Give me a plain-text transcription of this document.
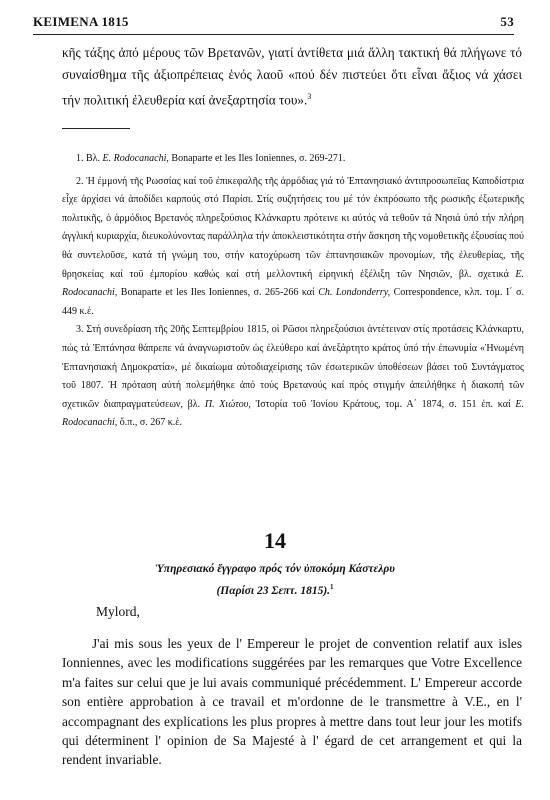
ΚΕΙΜΕΝΑ 1815	53
κῆς τάξης ἀπό μέρους τῶν Βρετανῶν, γιατί ἀντίθετα μιά ἄλλη τακτική θά πλήγωνε τό συναίσθημα τῆς ἀξιοπρέπειας ἑνός λαοῦ «πού δέν πιστεύει ὅτι εἶναι ἄξιος νά χάσει τήν πολιτική ἐλευθερία καί ἀνεξαρτησία του».$^3$

1. Βλ. E. Rodocanachi, Bonaparte et les Iles Ioniennes, σ. 269-271.

2. Ἡ ἐμμονή τῆς Ρωσσίας καί τοῦ ἐπικεφαλῆς τῆς ἁρμόδιας γιά τό Ἑπτανησιακό ἀντιπροσωπεῖας Καποδίστρια εἶχε ἀρχίσει νά ἀποδίδει καρπούς στό Παρίσι. Στίς συζητήσεις του μέ τόν ἐκπρόσωπο τῆς ρωσικῆς ἐξωτερικῆς πολιτικῆς, ὁ ἁρμόδιος Βρετανός πληρεξούσιος Κλάνκαρτυ πρότεινε κι αὐτός νά τεθοῦν τά Νησιά ὑπό τήν πλήρη ἀγγλική κυριαρχία, διευκολύνοντας παράλληλα τήν ἀποκλειστικότητα στήν ἄσκηση τῆς νομοθετικῆς ἐξουσίας πού θά συντελοῦσε, κατά τή γνώμη του, στήν κατοχύρωση τῶν ἑπτανησιακῶν προνομίων, τῆς ἐλευθερίας, τῆς θρησκείας καί τοῦ ἐμπορίου καθώς καί στή μελλοντική εἰρηνική ἐξέλιξη τῶν Νησιῶν, βλ. σχετικά E. Rodocanachi, Bonaparte et les Iles Ioniennes, σ. 265-266 καί Ch. Londonderry, Correspondence, κλπ. τομ. Ι΄ σ. 449 κ.ἑ.

3. Στή συνεδρίαση τῆς 20ῆς Σεπτεμβρίου 1815, οἱ Ρῶσοι πληρεξούσιοι ἀντέτειναν στίς προτάσεις Κλάνκαρτυ, πώς τά Ἑπτάνησα θάπρεπε νά ἀναγνωριστοῦν ὡς ἐλεύθερο καί ἀνεξάρτητο κράτος ὑπό τήν ἐπωνυμία «Ἡνωμένη Ἑπτανησιακή Δημοκρατία», μέ δικαίωμα αὐτοδιαχείρισης τῶν ἐσωτερικῶν ὑποθέσεων βάσει τοῦ Συντάγματος τοῦ 1807. Ἡ πρόταση αὐτή πολεμήθηκε ἀπό τούς Βρετανούς καί πρός στιγμήν ἀπειλήθηκε ἡ διακοπή τῶν σχετικῶν διαπραγματεύσεων, βλ. Π. Χιώτου, Ἱστορία τοῦ Ἰονίου Κράτους, τομ. Α΄ 1874, σ. 151 ἐπ. καί E. Rodocanachi, ὅ.π., σ. 267 κ.ἑ.

14
Ὑπηρεσιακό ἔγγραφο πρός τόν ὑποκόμη Κάστελρυ
(Παρίσι 23 Σεπτ. 1815).$^1$
Mylord,
J'ai mis sous les yeux de l' Empereur le projet de convention relatif aux isles Ionniennes, avec les modifications suggérées par les remarques que Votre Excellence m'a faites sur celui que je lui avais communiqué précédemment. L' Empereur accorde son entière approbation à ce travail et m'ordonne de le transmettre à V.E., en l' accompagnant des explications les plus propres à mettre dans tout leur jour les motifs qui déterminent l' opinion de Sa Majesté à l' égard de cet arrangement et qui la rendent invariable.
